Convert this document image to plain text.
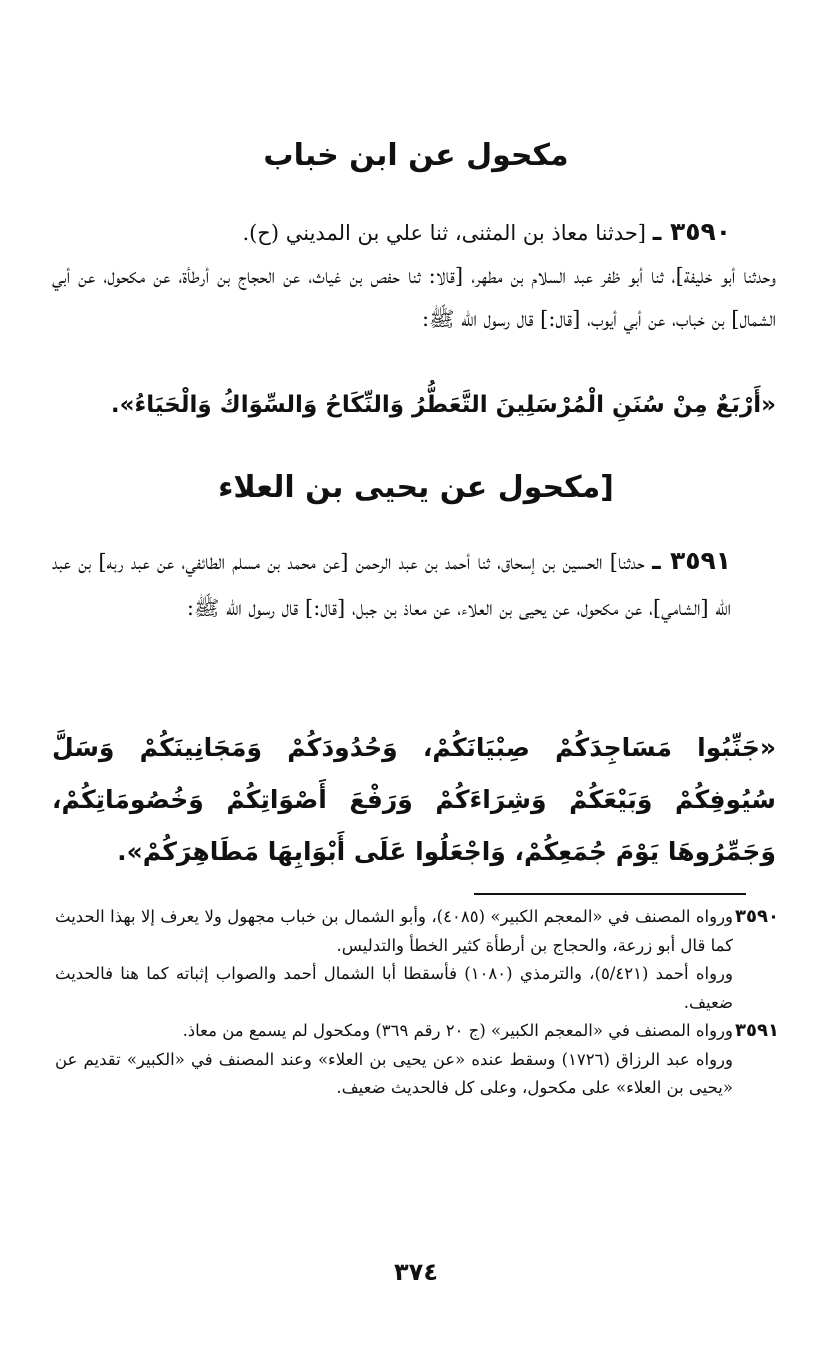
مكحول عن ابن خباب

٣٥٩٠ ـ [حدثنا معاذ بن المثنى، ثنا علي بن المديني (ح).

وحدثنا أبو خليفة]، ثنا أبو ظفر عبد السلام بن مطهر، [قالا: ثنا حفص بن غياث، عن الحجاج بن أرطأة، عن مكحول، عن أبي الشمال] بن خباب، عن أبي أيوب، [قال:] قال رسول الله ﷺ:

«أَرْبَعٌ مِنْ سُنَنِ الْمُرْسَلِينَ التَّعَطُّرُ وَالنِّكَاحُ وَالسِّوَاكُ وَالْحَيَاءُ».

[مكحول عن يحيى بن العلاء

٣٥٩١ ـ حدثنا] الحسين بن إسحاق، ثنا أحمد بن عبد الرحمن [عن محمد بن مسلم الطائفي، عن عبد ربه] بن عبد الله [الشامي]، عن مكحول، عن يحيى بن العلاء، عن معاذ بن جبل، [قال:] قال رسول الله ﷺ:

«جَنِّبُوا مَسَاجِدَكُمْ صِبْيَانَكُمْ، وَحُدُودَكُمْ وَمَجَانِينَكُمْ وَسَلَّ سُيُوفِكُمْ وَبَيْعَكُمْ وَشِرَاءَكُمْ وَرَفْعَ أَصْوَاتِكُمْ وَخُصُومَاتِكُمْ، وَجَمِّرُوهَا يَوْمَ جُمَعِكُمْ، وَاجْعَلُوا عَلَى أَبْوَابِهَا مَطَاهِرَكُمْ».

٣٥٩٠

ورواه المصنف في «المعجم الكبير» (٤٠٨٥)، وأبو الشمال بن خباب مجهول ولا يعرف إلا بهذا الحديث كما قال أبو زرعة، والحجاج بن أرطأة كثير الخطأ والتدليس.

ورواه أحمد (٥/٤٢١)، والترمذي (١٠٨٠) فأسقطا أبا الشمال أحمد والصواب إثباته كما هنا فالحديث ضعيف.

٣٥٩١

ورواه المصنف في «المعجم الكبير» (ج ٢٠ رقم ٣٦٩) ومكحول لم يسمع من معاذ.

ورواه عبد الرزاق (١٧٢٦) وسقط عنده «عن يحيى بن العلاء» وعند المصنف في «الكبير» تقديم عن «يحيى بن العلاء» على مكحول، وعلى كل فالحديث ضعيف.

٣٧٤
